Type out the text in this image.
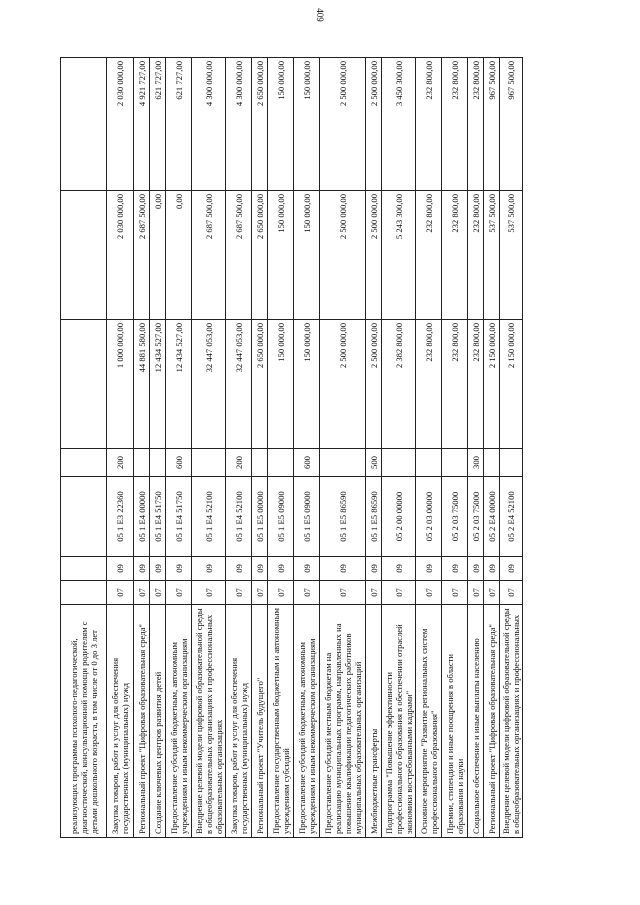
409
реализующих программы психолого-педагогической, диагностической, консультационной помощи родителям с детьми дошкольного возраста, в том числе от 0 до 3 лет							
Закупка товаров, работ и услуг для обеспечения государственных (муниципальных) нужд	07	09	05 1 E3 22360	200	1 000 000,00	2 030 000,00	2 030 000,00
Региональный проект "Цифровая образовательная среда"	07	09	05 1 E4 00000		44 881 580,00	2 687 500,00	4 921 727,00
Создание ключевых центров развития детей	07	09	05 1 E4 51750		12 434 527,00	0,00	621 727,00
Предоставление субсидий бюджетным, автономным учреждениям и иным некоммерческим организациям	07	09	05 1 E4 51750	600	12 434 527,00	0,00	621 727,00
Внедрение целевой модели цифровой образовательной среды в общеобразовательных организациях и профессиональных образовательных организациях	07	09	05 1 E4 52100		32 447 053,00	2 687 500,00	4 300 000,00
Закупка товаров, работ и услуг для обеспечения государственных (муниципальных) нужд	07	09	05 1 E4 52100	200	32 447 053,00	2 687 500,00	4 300 000,00
Региональный проект "Учитель будущего"	07	09	05 1 E5 00000		2 650 000,00	2 650 000,00	2 650 000,00
Предоставление государственным бюджетным и автономным учреждениям субсидий	07	09	05 1 E5 09000		150 000,00	150 000,00	150 000,00
Предоставление субсидий бюджетным, автономным учреждениям и иным некоммерческим организациям	07	09	05 1 E5 09000	600	150 000,00	150 000,00	150 000,00
Предоставление субсидий местным бюджетам на реализацию муниципальных программ, направленных на повышение квалификации педагогических работников муниципальных образовательных организаций	07	09	05 1 E5 86590		2 500 000,00	2 500 000,00	2 500 000,00
Межбюджетные трансферты	07	09	05 1 E5 86590	500	2 500 000,00	2 500 000,00	2 500 000,00
Подпрограмма "Повышение эффективности профессионального образования в обеспечении отраслей экономики востребованными кадрами"	07	09	05 2 00 00000		2 382 800,00	5 243 300,00	3 450 300,00
Основное мероприятие "Развитие региональных систем профессионального образования"	07	09	05 2 03 00000		232 800,00	232 800,00	232 800,00
Премии, стипендии и иные поощрения в области образования и науки	07	09	05 2 03 75000		232 800,00	232 800,00	232 800,00
Социальное обеспечение и иные выплаты населению	07	09	05 2 03 75000	300	232 800,00	232 800,00	232 800,00
Региональный проект "Цифровая образовательная среда"	07	09	05 2 E4 00000		2 150 000,00	537 500,00	967 500,00
Внедрение целевой модели цифровой образовательной среды в общеобразовательных организациях и профессиональных	07	09	05 2 E4 52100		2 150 000,00	537 500,00	967 500,00
